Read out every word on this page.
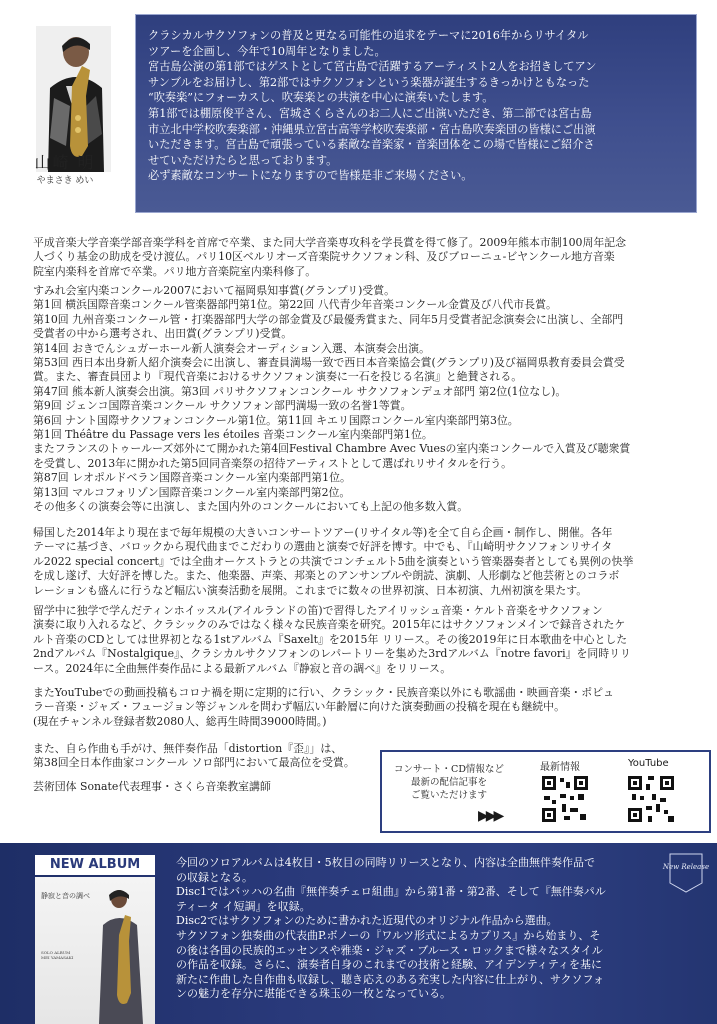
山崎 明
やまさき めい

クラシカルサクソフォンの普及と更なる可能性の追求をテーマに2016年からリサイタル

ツアーを企画し、今年で10周年となりました。

宮古島公演の第1部ではゲストとして宮古島で活躍するアーティスト2人をお招きしてアン

サンブルをお届けし、第2部ではサクソフォンという楽器が誕生するきっかけともなった

“吹奏楽”にフォーカスし、吹奏楽との共演を中心に演奏いたします。

第1部では棚原俊平さん、宮城さくらさんのお二人にご出演いただき、第二部では宮古島

市立北中学校吹奏楽部・沖縄県立宮古高等学校吹奏楽部・宮古島吹奏楽団の皆様にご出演

いただきます。宮古島で頑張っている素敵な音楽家・音楽団体をこの場で皆様にご紹介さ

せていただけたらと思っております。

必ず素敵なコンサートになりますので皆様是非ご来場ください。

平成音楽大学音楽学部音楽学科を首席で卒業、また同大学音楽専攻科を学長賞を得て修了。2009年熊本市制100周年記念
人づくり基金の助成を受け渡仏。パリ10区ベルリオーズ音楽院サクソフォン科、及びブローニュ-ビヤンクール地方音楽
院室内楽科を首席で卒業。パリ地方音楽院室内楽科修了。
すみれ会室内楽コンクール2007において福岡県知事賞(グランプリ)受賞。
第1回 横浜国際音楽コンクール管楽器部門第1位。第22回 八代青少年音楽コンクール金賞及び八代市長賞。
第10回 九州音楽コンクール管・打楽器部門大学の部金賞及び最優秀賞また、同年5月受賞者記念演奏会に出演し、全部門
受賞者の中から選考され、出田賞(グランプリ)受賞。
第14回 おきでんシュガーホール新人演奏会オーディション入選、本演奏会出演。
第53回 西日本出身新人紹介演奏会に出演し、審査員満場一致で西日本音楽協会賞(グランプリ)及び福岡県教育委員会賞受
賞。また、審査員団より『現代音楽におけるサクソフォン演奏に一石を投じる名演』と絶賛される。
第47回 熊本新人演奏会出演。第3回 パリサクソフォンコンクール サクソフォンデュオ部門 第2位(1位なし)。
第9回 ジェンコ国際音楽コンクール サクソフォン部門満場一致の名誉1等賞。
第6回 ナント国際サクソフォンコンクール第1位。第11回 キエリ国際コンクール室内楽部門第3位。
第1回 Théâtre du Passage vers les étoiles 音楽コンクール室内楽部門第1位。
またフランスのトゥールーズ郊外にて開かれた第4回Festival Chambre Avec Vuesの室内楽コンクールで入賞及び聴衆賞
を受賞し、2013年に開かれた第5回同音楽祭の招待アーティストとして選ばれリサイタルを行う。
第87回 レオポルドベラン国際音楽コンクール室内楽部門第1位。
第13回 マルコフォリゾン国際音楽コンクール室内楽部門第2位。
その他多くの演奏会等に出演し、また国内外のコンクールにおいても上記の他多数入賞。
帰国した2014年より現在まで毎年規模の大きいコンサートツアー(リサイタル等)を全て自ら企画・制作し、開催。各年
テーマに基づき、バロックから現代曲までこだわりの選曲と演奏で好評を博す。中でも、『山崎明サクソフォンリサイタ
ル2022 special concert』では全曲オーケストラとの共演でコンチェルト5曲を演奏という管楽器奏者としても異例の快挙
を成し遂げ、大好評を博した。また、他楽器、声楽、邦楽とのアンサンブルや朗読、演劇、人形劇など他芸術とのコラボ
レーションも盛んに行うなど幅広い演奏活動を展開。これまでに数々の世界初演、日本初演、九州初演を果たす。
留学中に独学で学んだティンホイッスル(アイルランドの笛)で習得したアイリッシュ音楽・ケルト音楽をサクソフォン
演奏に取り入れるなど、クラシックのみではなく様々な民族音楽を研究。2015年にはサクソフォンメインで録音されたケ
ルト音楽のCDとしては世界初となる1stアルバム『Saxelt』を2015年 リリース。その後2019年に日本歌曲を中心とした
2ndアルバム『Nostalgique』、クラシカルサクソフォンのレパートリーを集めた3rdアルバム『notre favori』を同時リリ
ース。2024年に全曲無伴奏作品による最新アルバム『静寂と音の調べ』をリリース。
またYouTubeでの動画投稿もコロナ禍を期に定期的に行い、クラシック・民族音楽以外にも歌謡曲・映画音楽・ポピュ
ラー音楽・ジャズ・フュージョン等ジャンルを問わず幅広い年齢層に向けた演奏動画の投稿を現在も継続中。
(現在チャンネル登録者数2080人、総再生時間39000時間。)
また、自ら作曲も手がけ、無伴奏作品「distortion『歪』」は、
第38回全日本作曲家コンクール ソロ部門において最高位を受賞。
芸術団体 Sonate代表理事・さくら音楽教室講師
コンサート・CD情報など
最新の配信記事を
ご覧いただけます
▶▶▶
最新情報	YouTube
NEW ALBUM
静寂と音の調べ
SOLO ALBUM
MEI YAMASAKI
New Release
今回のソロアルバムは4枚目・5枚目の同時リリースとなり、内容は全曲無伴奏作品で
の収録となる。
Disc1ではバッハの名曲『無伴奏チェロ組曲』から第1番・第2番、そして『無伴奏パル
ティータ イ短調』を収録。
Disc2ではサクソフォンのために書かれた近現代のオリジナル作品から選曲。
サクソフォン独奏曲の代表曲P.ボノーの『ワルツ形式によるカプリス』から始まり、そ
の後は各国の民族的エッセンスや雅楽・ジャズ・ブルース・ロックまで様々なスタイル
の作品を収録。さらに、演奏者自身のこれまでの技術と経験、アイデンティティを基に
新たに作曲した自作曲も収録し、聴き応えのある充実した内容に仕上がり、サクソフォ
ンの魅力を存分に堪能できる珠玉の一枚となっている。
